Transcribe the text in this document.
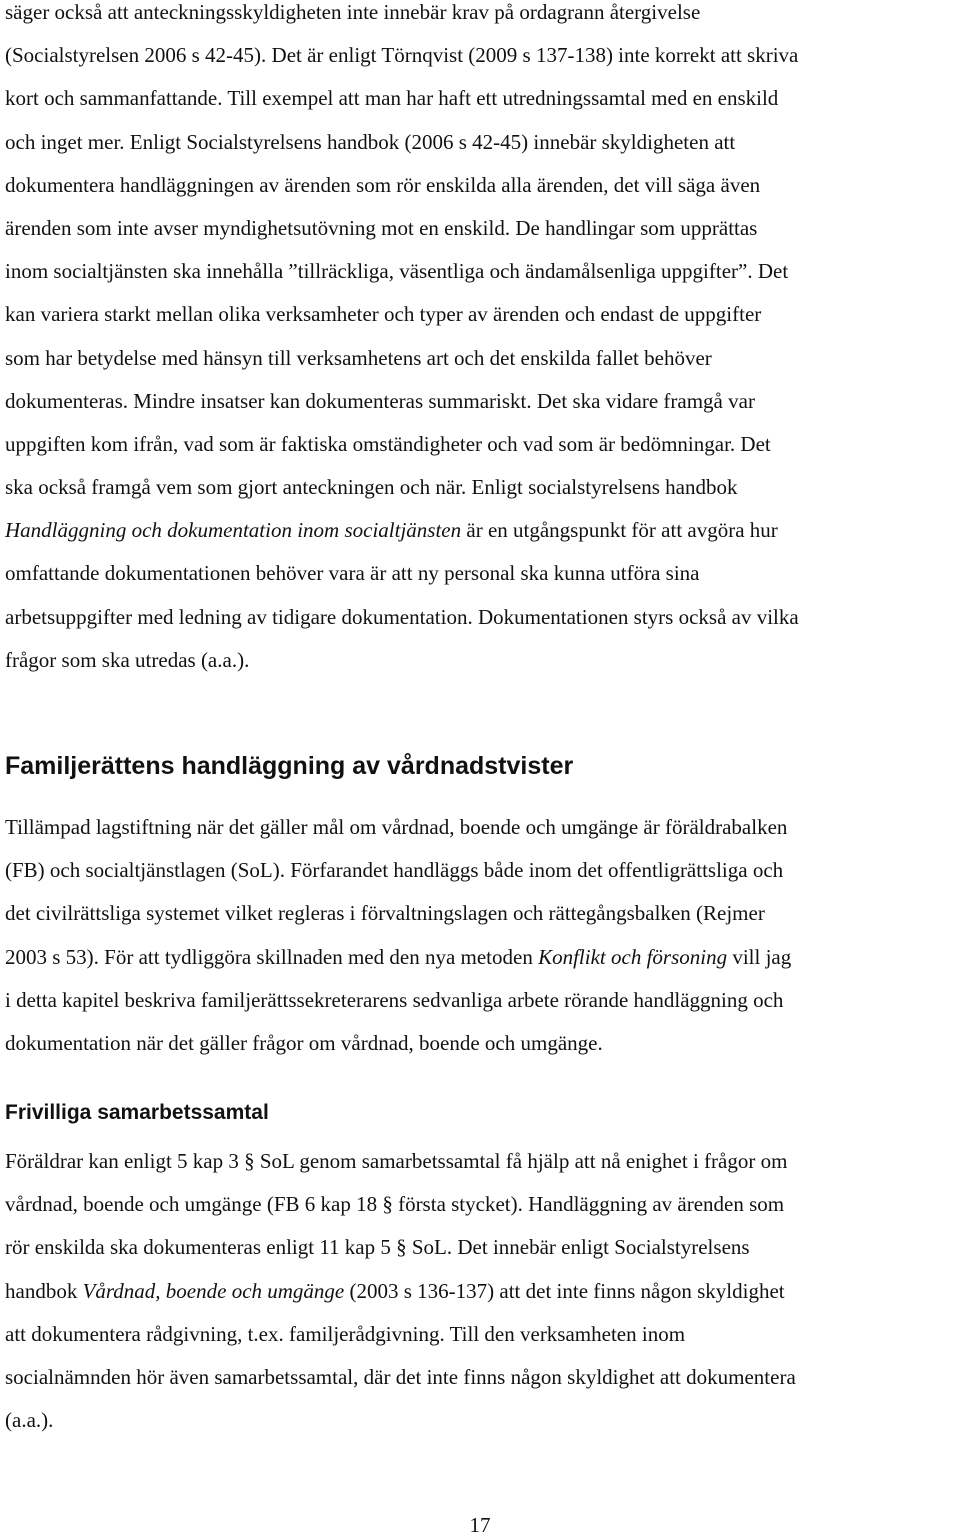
säger också att anteckningsskyldigheten inte innebär krav på ordagrann återgivelse
(Socialstyrelsen 2006 s 42-45). Det är enligt Törnqvist (2009 s 137-138) inte korrekt att skriva
kort och sammanfattande. Till exempel att man har haft ett utredningssamtal med en enskild
och inget mer. Enligt Socialstyrelsens handbok (2006 s 42-45) innebär skyldigheten att
dokumentera handläggningen av ärenden som rör enskilda alla ärenden, det vill säga även
ärenden som inte avser myndighetsutövning mot en enskild. De handlingar som upprättas
inom socialtjänsten ska innehålla ”tillräckliga, väsentliga och ändamålsenliga uppgifter”. Det
kan variera starkt mellan olika verksamheter och typer av ärenden och endast de uppgifter
som har betydelse med hänsyn till verksamhetens art och det enskilda fallet behöver
dokumenteras. Mindre insatser kan dokumenteras summariskt. Det ska vidare framgå var
uppgiften kom ifrån, vad som är faktiska omständigheter och vad som är bedömningar. Det
ska också framgå vem som gjort anteckningen och när. Enligt socialstyrelsens handbok
Handläggning och dokumentation inom socialtjänsten är en utgångspunkt för att avgöra hur
omfattande dokumentationen behöver vara är att ny personal ska kunna utföra sina
arbetsuppgifter med ledning av tidigare dokumentation. Dokumentationen styrs också av vilka
frågor som ska utredas (a.a.).
Familjerättens handläggning av vårdnadstvister
Tillämpad lagstiftning när det gäller mål om vårdnad, boende och umgänge är föräldrabalken
(FB) och socialtjänstlagen (SoL). Förfarandet handläggs både inom det offentligrättsliga och
det civilrättsliga systemet vilket regleras i förvaltningslagen och rättegångsbalken (Rejmer
2003 s 53). För att tydliggöra skillnaden med den nya metoden Konflikt och försoning vill jag
i detta kapitel beskriva familjerättssekreterarens sedvanliga arbete rörande handläggning och
dokumentation när det gäller frågor om vårdnad, boende och umgänge.
Frivilliga samarbetssamtal
Föräldrar kan enligt 5 kap 3 § SoL genom samarbetssamtal få hjälp att nå enighet i frågor om
vårdnad, boende och umgänge (FB 6 kap 18 § första stycket). Handläggning av ärenden som
rör enskilda ska dokumenteras enligt 11 kap 5 § SoL. Det innebär enligt Socialstyrelsens
handbok Vårdnad, boende och umgänge (2003 s 136-137) att det inte finns någon skyldighet
att dokumentera rådgivning, t.ex. familjerådgivning. Till den verksamheten inom
socialnämnden hör även samarbetssamtal, där det inte finns någon skyldighet att dokumentera
(a.a.).
17
